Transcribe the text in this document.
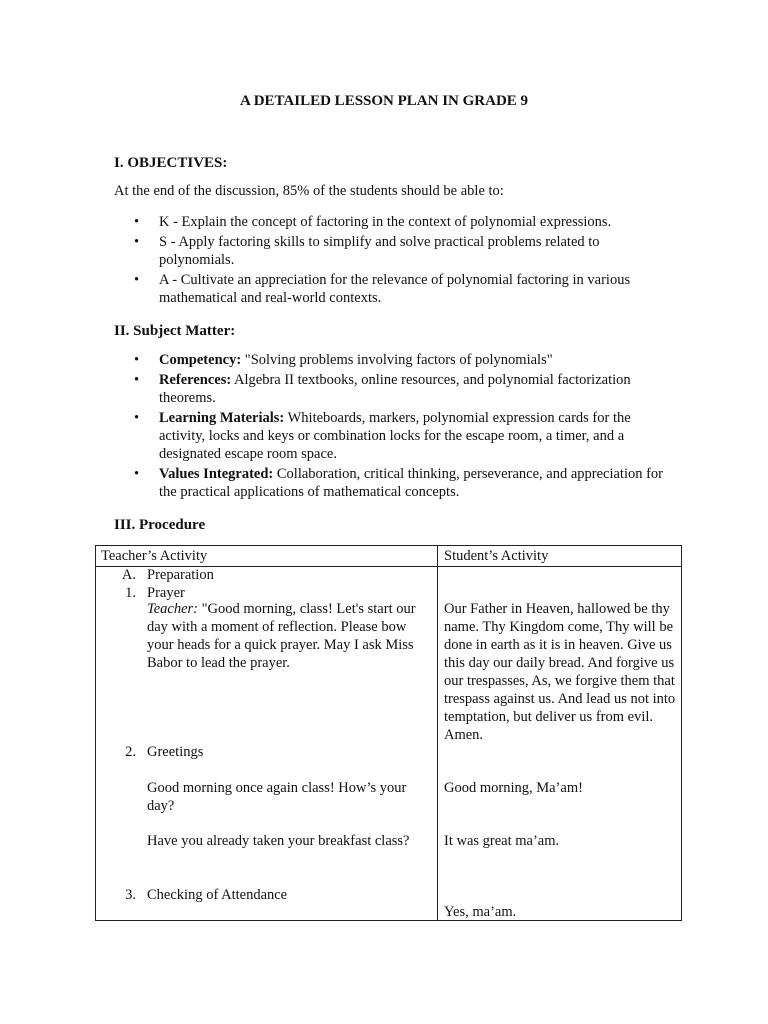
A DETAILED LESSON PLAN IN GRADE 9
I. OBJECTIVES:
At the end of the discussion, 85% of the students should be able to:
• K - Explain the concept of factoring in the context of polynomial expressions.
• S - Apply factoring skills to simplify and solve practical problems related to polynomials.
• A - Cultivate an appreciation for the relevance of polynomial factoring in various mathematical and real-world contexts.
II. Subject Matter:
• Competency: "Solving problems involving factors of polynomials"
• References: Algebra II textbooks, online resources, and polynomial factorization theorems.
• Learning Materials: Whiteboards, markers, polynomial expression cards for the activity, locks and keys or combination locks for the escape room, a timer, and a designated escape room space.
• Values Integrated: Collaboration, critical thinking, perseverance, and appreciation for the practical applications of mathematical concepts.
III. Procedure
Teacher’s Activity	Student’s Activity
A. Preparation
1. Prayer
Teacher: "Good morning, class! Let's start our day with a moment of reflection. Please bow your heads for a quick prayer. May I ask Miss Babor to lead the prayer.
Our Father in Heaven, hallowed be thy name. Thy Kingdom come, Thy will be done in earth as it is in heaven. Give us this day our daily bread. And forgive us our trespasses, As, we forgive them that trespass against us. And lead us not into temptation, but deliver us from evil. Amen.
2. Greetings
Good morning once again class! How’s your day?
Good morning, Ma’am!
Have you already taken your breakfast class?	It was great ma’am.
3. Checking of Attendance
Yes, ma’am.
